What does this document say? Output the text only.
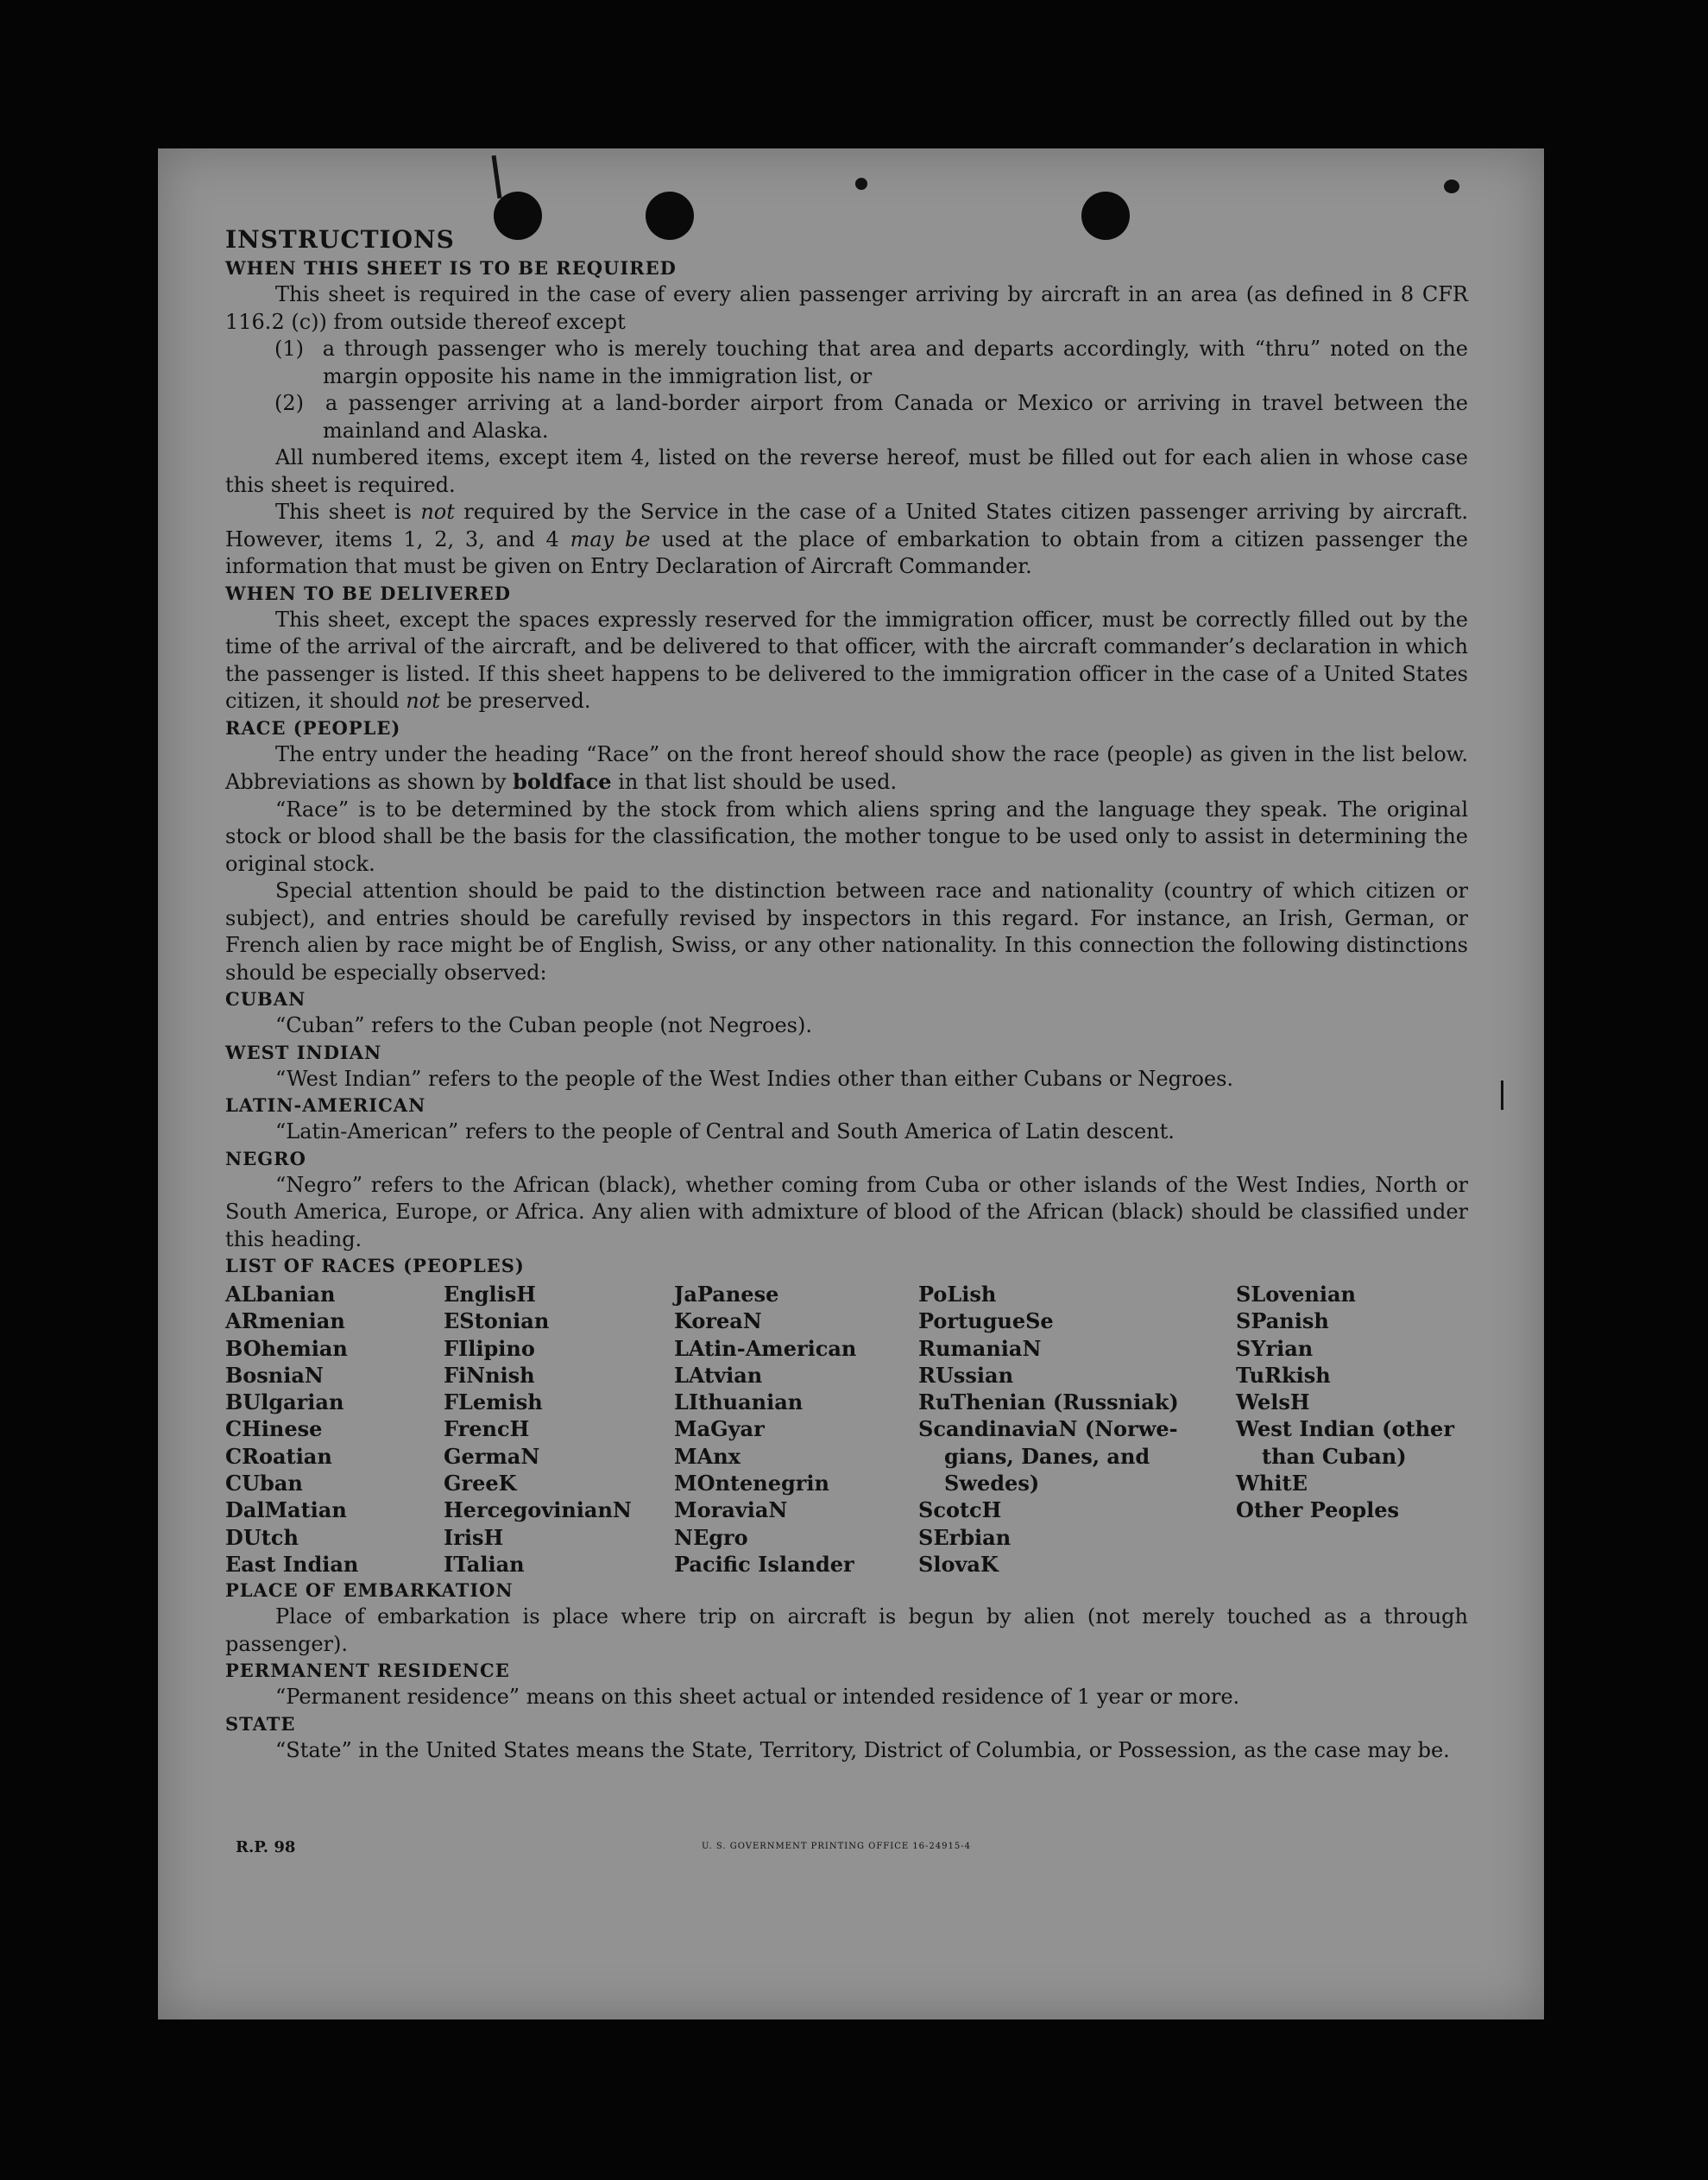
INSTRUCTIONS

WHEN THIS SHEET IS TO BE REQUIRED

This sheet is required in the case of every alien passenger arriving by aircraft in an area (as defined in 8 CFR 116.2 (c)) from outside thereof except

(1) a through passenger who is merely touching that area and departs accordingly, with “thru” noted on the margin opposite his name in the immigration list, or

(2) a passenger arriving at a land-border airport from Canada or Mexico or arriving in travel between the mainland and Alaska.

All numbered items, except item 4, listed on the reverse hereof, must be filled out for each alien in whose case this sheet is required.

This sheet is not required by the Service in the case of a United States citizen passenger arriving by aircraft. However, items 1, 2, 3, and 4 may be used at the place of embarkation to obtain from a citizen passenger the information that must be given on Entry Declaration of Aircraft Commander.

WHEN TO BE DELIVERED

This sheet, except the spaces expressly reserved for the immigration officer, must be correctly filled out by the time of the arrival of the aircraft, and be delivered to that officer, with the aircraft commander’s declaration in which the passenger is listed. If this sheet happens to be delivered to the immigration officer in the case of a United States citizen, it should not be preserved.

RACE (PEOPLE)

The entry under the heading “Race” on the front hereof should show the race (people) as given in the list below. Abbreviations as shown by boldface in that list should be used.

“Race” is to be determined by the stock from which aliens spring and the language they speak. The original stock or blood shall be the basis for the classification, the mother tongue to be used only to assist in determining the original stock.

Special attention should be paid to the distinction between race and nationality (country of which citizen or subject), and entries should be carefully revised by inspectors in this regard. For instance, an Irish, German, or French alien by race might be of English, Swiss, or any other nationality. In this connection the following distinctions should be especially observed:

CUBAN

“Cuban” refers to the Cuban people (not Negroes).

WEST INDIAN

“West Indian” refers to the people of the West Indies other than either Cubans or Negroes.

LATIN-AMERICAN

“Latin-American” refers to the people of Central and South America of Latin descent.

NEGRO

“Negro” refers to the African (black), whether coming from Cuba or other islands of the West Indies, North or South America, Europe, or Africa. Any alien with admixture of blood of the African (black) should be classified under this heading.

LIST OF RACES (PEOPLES)

ALbanian
ARmenian
BOhemian
BosniaN
BUlgarian
CHinese
CRoatian
CUban
DalMatian
DUtch
East Indian
EnglisH
EStonian
FIlipino
FiNnish
FLemish
FrencH
GermaN
GreeK
HercegovinianN
IrisH
ITalian
JaPanese
KoreaN
LAtin-American
LAtvian
LIthuanian
MaGyar
MAnx
MOntenegrin
MoraviaN
NEgro
Pacific Islander
PoLish
PortugueSe
RumaniaN
RUssian
RuThenian (Russniak)
ScandinaviaN (Norwe-
gians, Danes, and
Swedes)
ScotcH
SErbian
SlovaK
SLovenian
SPanish
SYrian
TuRkish
WelsH
West Indian (other
than Cuban)
WhitE
Other Peoples

PLACE OF EMBARKATION

Place of embarkation is place where trip on aircraft is begun by alien (not merely touched as a through passenger).

PERMANENT RESIDENCE

“Permanent residence” means on this sheet actual or intended residence of 1 year or more.

STATE

“State” in the United States means the State, Territory, District of Columbia, or Possession, as the case may be.

R.P. 98	U. S. GOVERNMENT PRINTING OFFICE 16-24915-4
